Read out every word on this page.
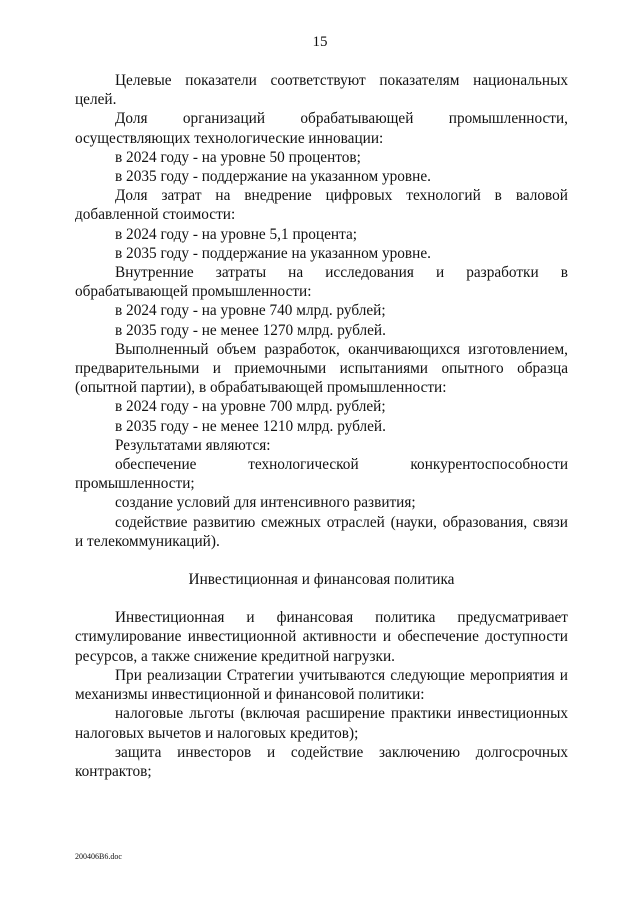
15

Целевые показатели соответствуют показателям национальных целей.

Доля организаций обрабатывающей промышленности, осуществляющих технологические инновации:

в 2024 году - на уровне 50 процентов;

в 2035 году - поддержание на указанном уровне.

Доля затрат на внедрение цифровых технологий в валовой добавленной стоимости:

в 2024 году - на уровне 5,1 процента;

в 2035 году - поддержание на указанном уровне.

Внутренние затраты на исследования и разработки в обрабатывающей промышленности:

в 2024 году - на уровне 740 млрд. рублей;

в 2035 году - не менее 1270 млрд. рублей.

Выполненный объем разработок, оканчивающихся изготовлением, предварительными и приемочными испытаниями опытного образца (опытной партии), в обрабатывающей промышленности:

в 2024 году - на уровне 700 млрд. рублей;

в 2035 году - не менее 1210 млрд. рублей.

Результатами являются:

обеспечение технологической конкурентоспособности промышленности;

создание условий для интенсивного развития;

содействие развитию смежных отраслей (науки, образования, связи и телекоммуникаций).

Инвестиционная и финансовая политика

Инвестиционная и финансовая политика предусматривает стимулирование инвестиционной активности и обеспечение доступности ресурсов, а также снижение кредитной нагрузки.

При реализации Стратегии учитываются следующие мероприятия и механизмы инвестиционной и финансовой политики:

налоговые льготы (включая расширение практики инвестиционных налоговых вычетов и налоговых кредитов);

защита инвесторов и содействие заключению долгосрочных контрактов;

200406B6.doc
